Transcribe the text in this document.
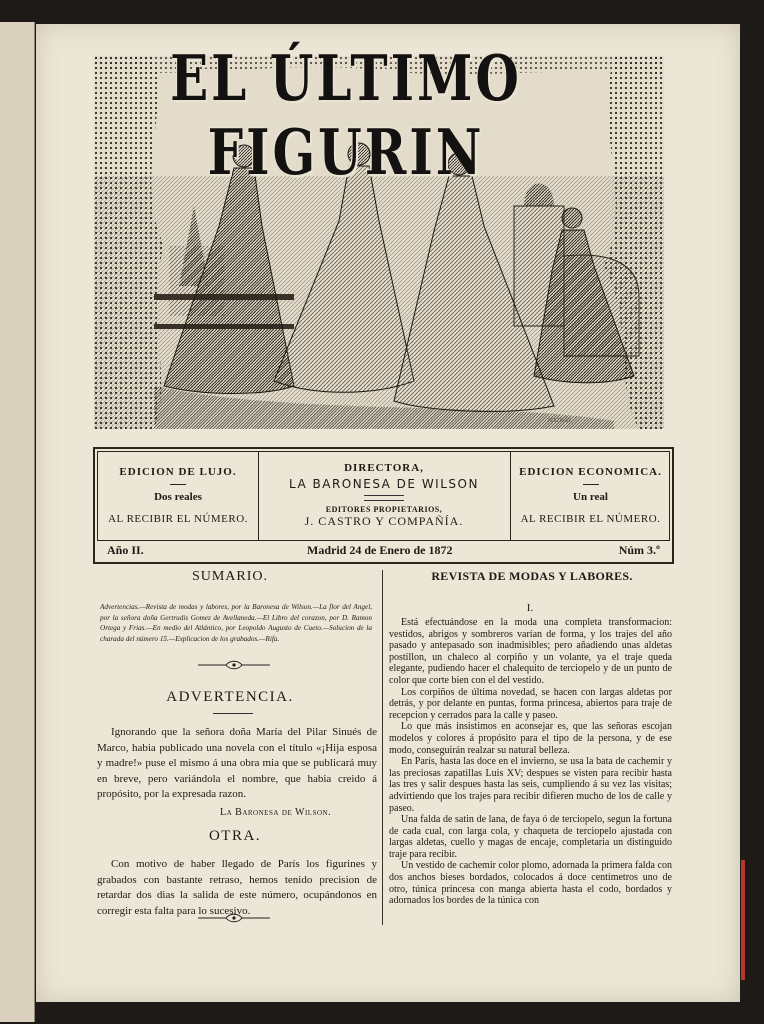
EL ÚLTIMO FIGURIN
JESTRÁN
EDICION DE LUJO.
Dos reales
AL RECIBIR EL NÚMERO.
DIRECTORA,
LA BARONESA DE WILSON
EDITORES PROPIETARIOS,
J. CASTRO Y COMPAÑÍA.
EDICION ECONOMICA.
Un real
AL RECIBIR EL NÚMERO.
Año II.	Madrid 24 de Enero de 1872	Núm 3.º
SUMARIO.
Advertencias.—Revista de modas y labores, por la Baronesa de Wilson.—La flor del Angel, por la señora doña Gertrudis Gomez de Avellaneda.—El Libro del corazon, por D. Ramon Ortega y Frias.—En medio del Atlántico, por Leopoldo Augusto de Cueto.—Solucion de la charada del número 15.—Explicacion de los grabados.—Rifa.
ADVERTENCIA.
Ignorando que la señora doña María del Pilar Sinués de Marco, habia publicado una novela con el título «¡Hija esposa y madre!» puse el mismo á una obra mia que se publicará muy en breve, pero variándola el nombre, que habia creido á propósito, por la expresada razon.
La Baronesa de Wilson.
OTRA.
Con motivo de haber llegado de París los figurines y grabados con bastante retraso, hemos tenido precision de retardar dos dias la salida de este número, ocupándonos en corregir esta falta para lo sucesivo.
REVISTA DE MODAS Y LABORES.
I.

Está efectuándose en la moda una completa transformacion: vestidos, abrigos y sombreros varían de forma, y los trajes del año pasado y antepasado son inadmisibles; pero añadiendo unas aldetas postillon, un chaleco al corpiño y un volante, ya el traje queda elegante, pudiendo hacer el chalequito de terciopelo y de un punto de color que corte bien con el del vestido.

Los corpiños de última novedad, se hacen con largas aldetas por detrás, y por delante en puntas, forma princesa, abiertos para traje de recepcion y cerrados para la calle y paseo.

Lo que más insistimos en aconsejar es, que las señoras escojan modelos y colores á propósito para el tipo de la persona, y de ese modo, conseguirán realzar su natural belleza.

En París, hasta las doce en el invierno, se usa la bata de cachemir y las preciosas zapatillas Luis XV; despues se visten para recibir hasta las tres y salir despues hasta las seis, cumpliendo á su vez las visitas; advirtiendo que los trajes para recibir difieren mucho de los de calle y paseo.

Una falda de satin de lana, de faya ó de terciopelo, segun la fortuna de cada cual, con larga cola, y chaqueta de terciopelo ajustada con largas aldetas, cuello y magas de encaje, completaria un distinguido traje para recibir.

Un vestido de cachemir color plomo, adornada la primera falda con dos anchos bieses bordados, colocados á doce centímetros uno de otro, túnica princesa con manga abierta hasta el codo, bordados y adornados los bordes de la túnica con
